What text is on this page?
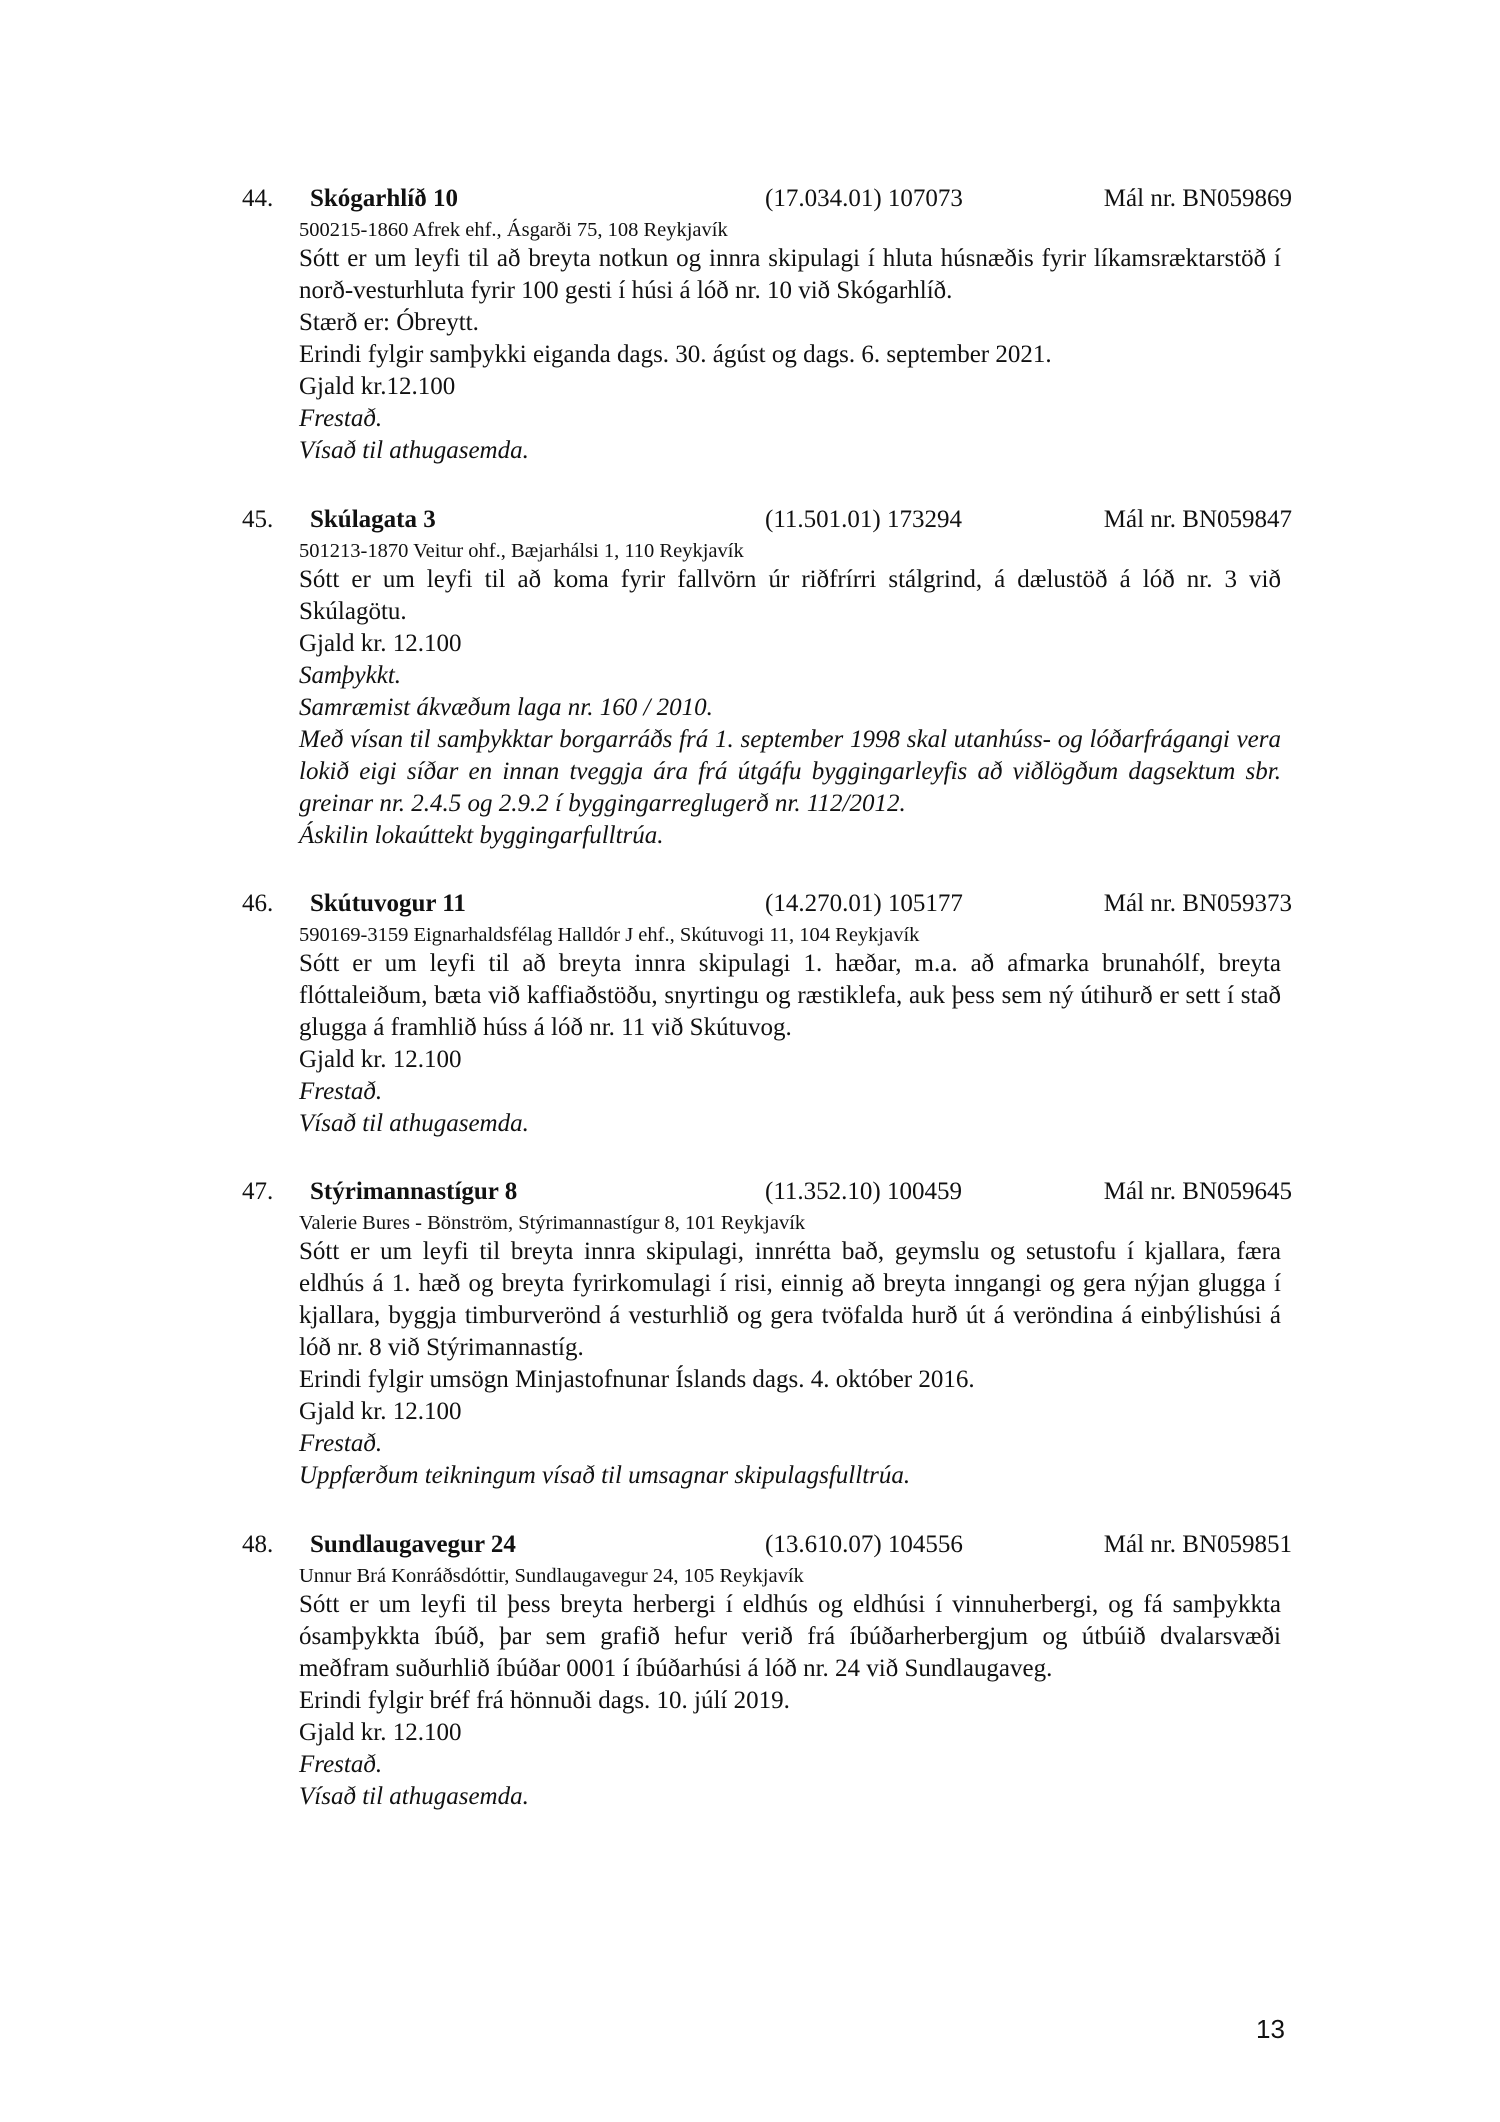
44. Skógarhlíð 10	(17.034.01) 107073	Mál nr. BN059869
500215-1860 Afrek ehf., Ásgarði 75, 108 Reykjavík
Sótt er um leyfi til að breyta notkun og innra skipulagi í hluta húsnæðis fyrir líkamsræktarstöð í norð-vesturhluta fyrir 100 gesti í húsi á lóð nr. 10 við Skógarhlíð.
Stærð er: Óbreytt.
Erindi fylgir samþykki eiganda dags. 30. ágúst og dags. 6. september 2021.
Gjald kr.12.100
Frestað.
Vísað til athugasemda.
45. Skúlagata 3	(11.501.01) 173294	Mál nr. BN059847
501213-1870 Veitur ohf., Bæjarhálsi 1, 110 Reykjavík
Sótt er um leyfi til að koma fyrir fallvörn úr riðfrírri stálgrind, á dælustöð á lóð nr. 3 við Skúlagötu.
Gjald kr. 12.100
Samþykkt.
Samræmist ákvæðum laga nr. 160 / 2010.
Með vísan til samþykktar borgarráðs frá 1. september 1998 skal utanhúss- og lóðarfrágangi vera lokið eigi síðar en innan tveggja ára frá útgáfu byggingarleyfis að viðlögðum dagsektum sbr. greinar nr. 2.4.5 og 2.9.2 í byggingarreglugerð nr. 112/2012.
Áskilin lokaúttekt byggingarfulltrúa.
46. Skútuvogur 11	(14.270.01) 105177	Mál nr. BN059373
590169-3159 Eignarhaldsfélag Halldór J ehf., Skútuvogi 11, 104 Reykjavík
Sótt er um leyfi til að breyta innra skipulagi 1. hæðar, m.a. að afmarka brunahólf, breyta flóttaleiðum, bæta við kaffiaðstöðu, snyrtingu og ræstiklefa, auk þess sem ný útihurð er sett í stað glugga á framhlið húss á lóð nr. 11 við Skútuvog.
Gjald kr. 12.100
Frestað.
Vísað til athugasemda.
47. Stýrimannastígur 8	(11.352.10) 100459	Mál nr. BN059645
Valerie Bures - Bönström, Stýrimannastígur 8, 101 Reykjavík
Sótt er um leyfi til breyta innra skipulagi, innrétta bað, geymslu og setustofu í kjallara, færa eldhús á 1. hæð og breyta fyrirkomulagi í risi, einnig að breyta inngangi og gera nýjan glugga í kjallara, byggja timburverönd á vesturhlið og gera tvöfalda hurð út á veröndina á einbýlishúsi á lóð nr. 8 við Stýrimannastíg.
Erindi fylgir umsögn Minjastofnunar Íslands dags. 4. október 2016.
Gjald kr. 12.100
Frestað.
Uppfærðum teikningum vísað til umsagnar skipulagsfulltrúa.
48. Sundlaugavegur 24	(13.610.07) 104556	Mál nr. BN059851
Unnur Brá Konráðsdóttir, Sundlaugavegur 24, 105 Reykjavík
Sótt er um leyfi til þess breyta herbergi í eldhús og eldhúsi í vinnuherbergi, og fá samþykkta ósamþykkta íbúð, þar sem grafið hefur verið frá íbúðarherbergjum og útbúið dvalarsvæði meðfram suðurhlið íbúðar 0001 í íbúðarhúsi á lóð nr. 24 við Sundlaugaveg.
Erindi fylgir bréf frá hönnuði dags. 10. júlí 2019.
Gjald kr. 12.100
Frestað.
Vísað til athugasemda.
13
